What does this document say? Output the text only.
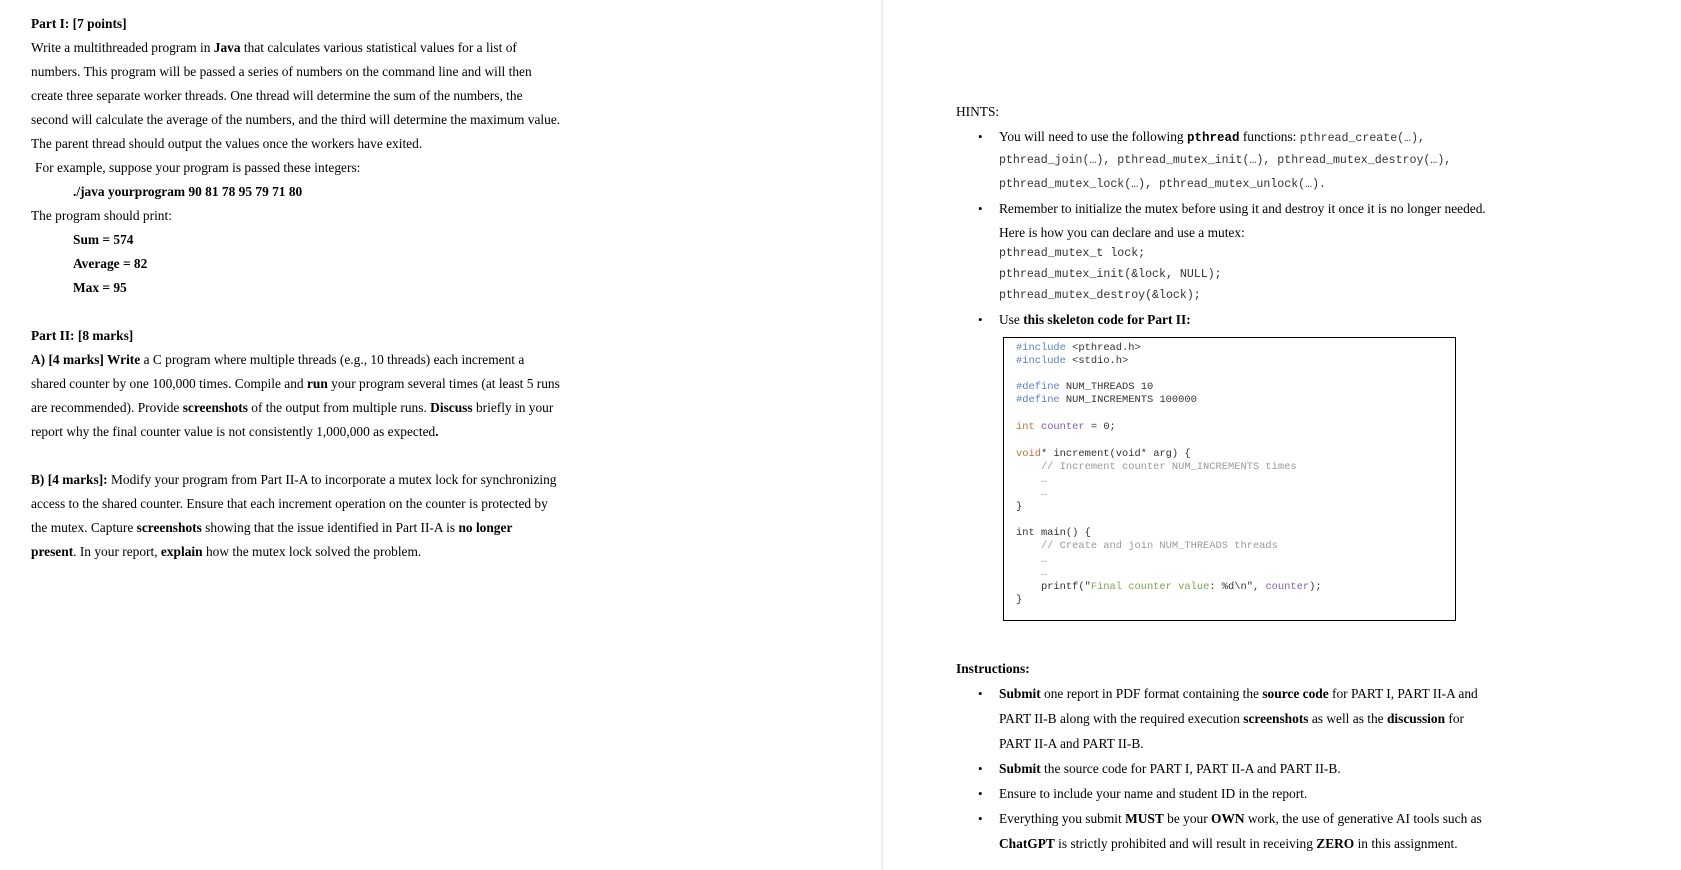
Part I: [7 points]
Write a multithreaded program in Java that calculates various statistical values for a list of
numbers. This program will be passed a series of numbers on the command line and will then
create three separate worker threads. One thread will determine the sum of the numbers, the
second will calculate the average of the numbers, and the third will determine the maximum value.
The parent thread should output the values once the workers have exited.
For example, suppose your program is passed these integers:
./java yourprogram 90 81 78 95 79 71 80
The program should print:
Sum = 574
Average = 82
Max = 95
Part II: [8 marks]
A) [4 marks] Write a C program where multiple threads (e.g., 10 threads) each increment a
shared counter by one 100,000 times. Compile and run your program several times (at least 5 runs
are recommended). Provide screenshots of the output from multiple runs. Discuss briefly in your
report why the final counter value is not consistently 1,000,000 as expected.
B) [4 marks]: Modify your program from Part II-A to incorporate a mutex lock for synchronizing
access to the shared counter. Ensure that each increment operation on the counter is protected by
the mutex. Capture screenshots showing that the issue identified in Part II-A is no longer
present. In your report, explain how the mutex lock solved the problem.
HINTS:
• You will need to use the following pthread functions: pthread_create(…),
pthread_join(…), pthread_mutex_init(…), pthread_mutex_destroy(…),
pthread_mutex_lock(…), pthread_mutex_unlock(…).
• Remember to initialize the mutex before using it and destroy it once it is no longer needed.
Here is how you can declare and use a mutex:
pthread_mutex_t lock;
pthread_mutex_init(&lock, NULL);
pthread_mutex_destroy(&lock);
• Use this skeleton code for Part II:
#include <pthread.h>
#include <stdio.h>
#define NUM_THREADS 10
#define NUM_INCREMENTS 100000
int counter = 0;
void* increment(void* arg) {
// Increment counter NUM_INCREMENTS times
…
…
}
int main() {
// Create and join NUM_THREADS threads
…
…
printf("Final counter value: %d\n", counter);
}
Instructions:
• Submit one report in PDF format containing the source code for PART I, PART II-A and
PART II-B along with the required execution screenshots as well as the discussion for
PART II-A and PART II-B.
• Submit the source code for PART I, PART II-A and PART II-B.
• Ensure to include your name and student ID in the report.
• Everything you submit MUST be your OWN work, the use of generative AI tools such as
ChatGPT is strictly prohibited and will result in receiving ZERO in this assignment.
